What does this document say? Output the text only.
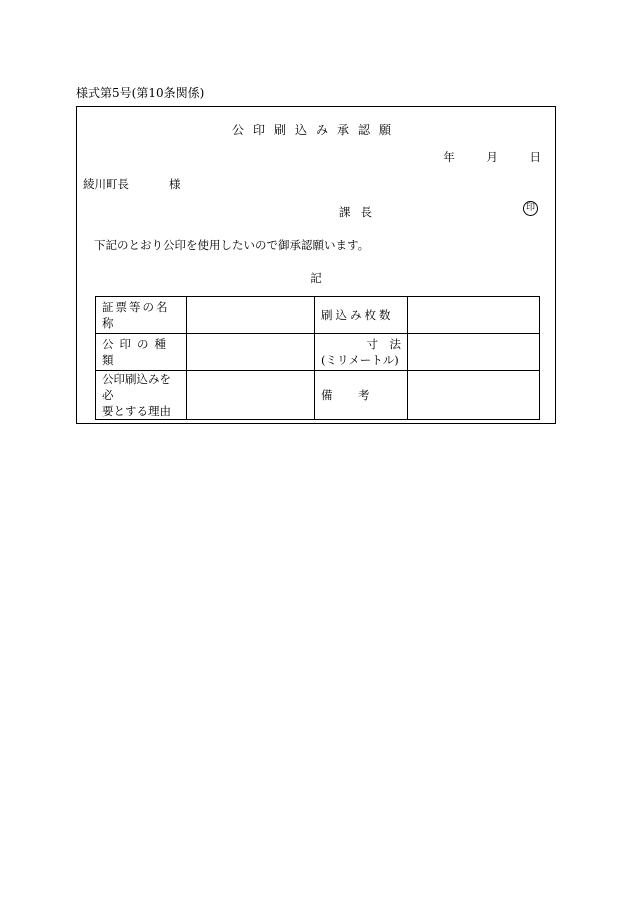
様式第5号(第10条関係)
公印刷込み承認願
年	月	日
綾川町長	様
課長	印
下記のとおり公印を使用したいので御承認願います。
記
証票等の名称		刷込み枚数	
公印の種類		寸　法
(ミリメートル)	

公印刷込みを必
要とする理由		備　考	
